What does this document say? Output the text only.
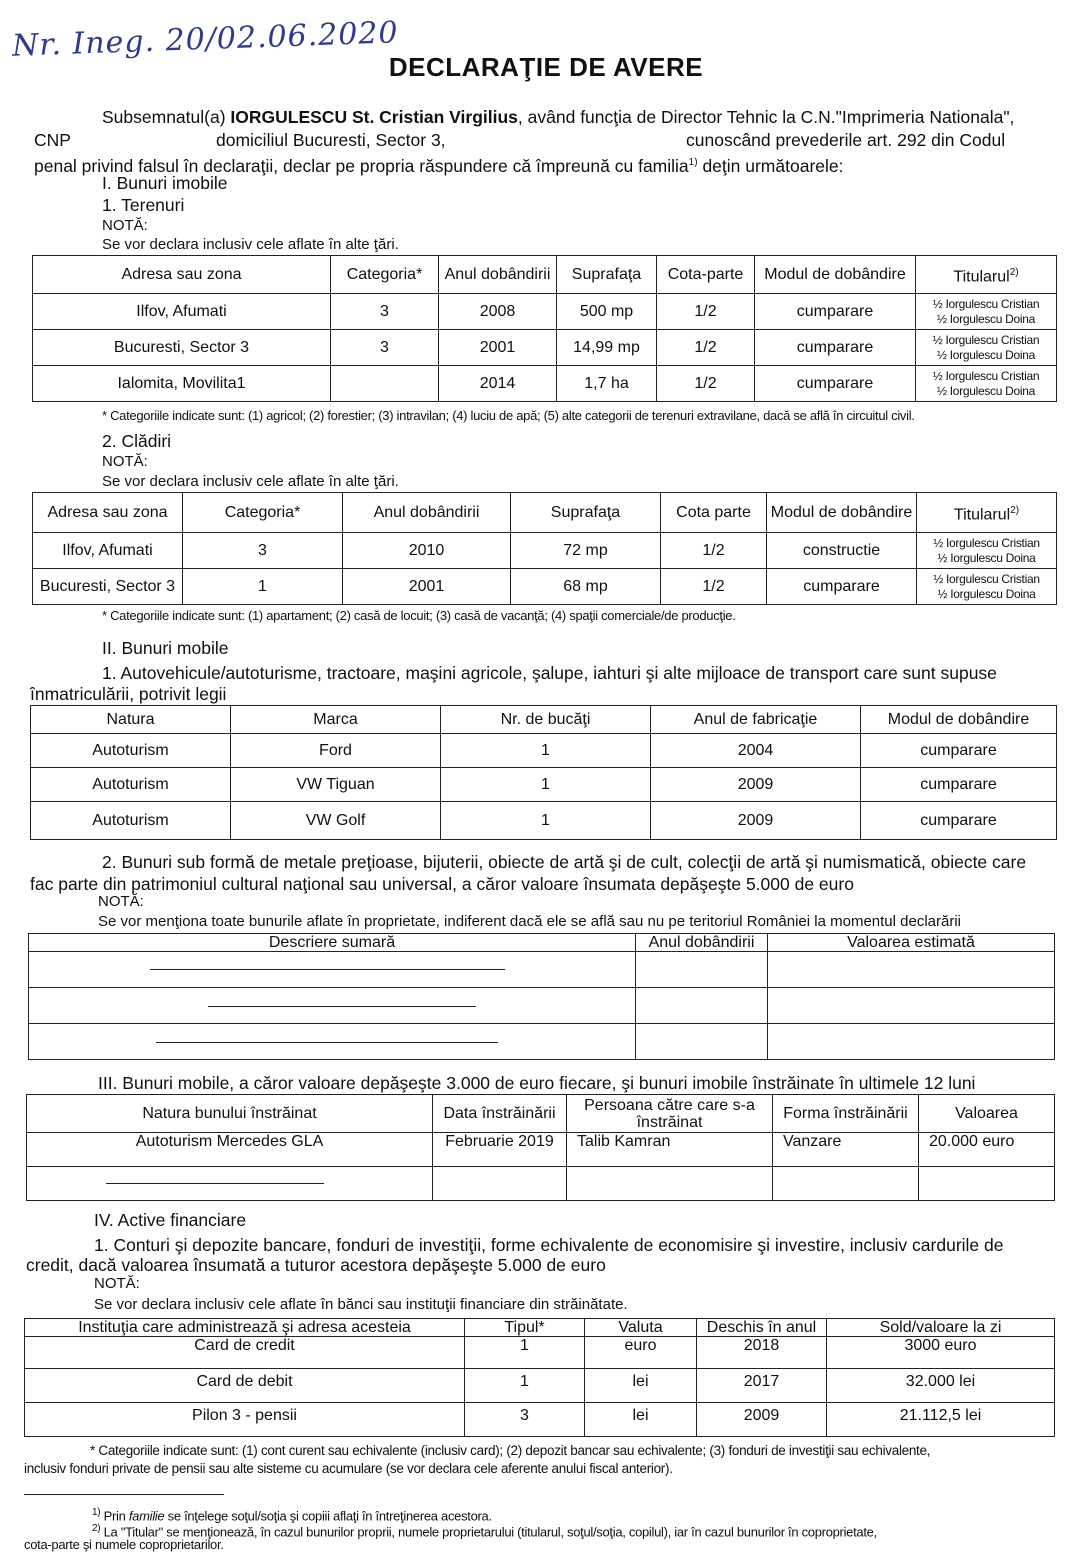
Nr. Ineg. 20/02.06.2020
DECLARAŢIE DE AVERE
Subsemnatul(a) IORGULESCU St. Cristian Virgilius, având funcţia de Director Tehnic la C.N."Imprimeria Nationala",
CNP	domiciliul Bucuresti, Sector 3,	cunoscând prevederile art. 292 din Codul
penal privind falsul în declaraţii, declar pe propria răspundere că împreună cu familia$^{1)}$ deţin următoarele:
I. Bunuri imobile
1. Terenuri
NOTĂ:
Se vor declara inclusiv cele aflate în alte ţări.
Adresa sau zona	Categoria*	Anul dobândirii	Suprafaţa	Cota-parte	Modul de dobândire	Titularul$^{2)}$
Ilfov, Afumati	3	2008	500 mp	1/2	cumparare	½ Iorgulescu Cristian
½ Iorgulescu Doina

Bucuresti, Sector 3	3	2001	14,99 mp	1/2	cumparare	½ Iorgulescu Cristian
½ Iorgulescu Doina

Ialomita, Movilita1		2014	1,7 ha	1/2	cumparare	½ Iorgulescu Cristian
½ Iorgulescu Doina
* Categoriile indicate sunt: (1) agricol; (2) forestier; (3) intravilan; (4) luciu de apă; (5) alte categorii de terenuri extravilane, dacă se află în circuitul civil.
2. Clădiri
NOTĂ:
Se vor declara inclusiv cele aflate în alte ţări.
Adresa sau zona	Categoria*	Anul dobândirii	Suprafaţa	Cota parte	Modul de dobândire	Titularul$^{2)}$
Ilfov, Afumati	3	2010	72 mp	1/2	constructie	½ Iorgulescu Cristian
½ Iorgulescu Doina

Bucuresti, Sector 3	1	2001	68 mp	1/2	cumparare	½ Iorgulescu Cristian
½ Iorgulescu Doina
* Categoriile indicate sunt: (1) apartament; (2) casă de locuit; (3) casă de vacanţă; (4) spaţii comerciale/de producţie.
II. Bunuri mobile
1. Autovehicule/autoturisme, tractoare, maşini agricole, şalupe, iahturi şi alte mijloace de transport care sunt supuse
înmatriculării, potrivit legii
Natura	Marca	Nr. de bucăţi	Anul de fabricaţie	Modul de dobândire
Autoturism	Ford	1	2004	cumparare
Autoturism	VW Tiguan	1	2009	cumparare
Autoturism	VW Golf	1	2009	cumparare
2. Bunuri sub formă de metale preţioase, bijuterii, obiecte de artă şi de cult, colecţii de artă şi numismatică, obiecte care
fac parte din patrimoniul cultural naţional sau universal, a căror valoare însumata depăşeşte 5.000 de euro
NOTĂ:
Se vor menţiona toate bunurile aflate în proprietate, indiferent dacă ele se află sau nu pe teritoriul României la momentul declarării
Descriere sumară	Anul dobândirii	Valoarea estimată

III. Bunuri mobile, a căror valoare depăşeşte 3.000 de euro fiecare, şi bunuri imobile înstrăinate în ultimele 12 luni
Natura bunului înstrăinat	Data înstrăinării	Persoana către care s-a înstrăinat	Forma înstrăinării	Valoarea
Autoturism Mercedes GLA	Februarie 2019	Talib Kamran	Vanzare	20.000 euro

IV. Active financiare
1. Conturi şi depozite bancare, fonduri de investiţii, forme echivalente de economisire şi investire, inclusiv cardurile de
credit, dacă valoarea însumată a tuturor acestora depăşeşte 5.000 de euro
NOTĂ:
Se vor declara inclusiv cele aflate în bănci sau instituţii financiare din străinătate.
Instituţia care administrează şi adresa acesteia	Tipul*	Valuta	Deschis în anul	Sold/valoare la zi
Card de credit	1	euro	2018	3000 euro
Card de debit	1	lei	2017	32.000 lei
Pilon 3 - pensii	3	lei	2009	21.112,5 lei
* Categoriile indicate sunt: (1) cont curent sau echivalente (inclusiv card); (2) depozit bancar sau echivalente; (3) fonduri de investiţii sau echivalente,
inclusiv fonduri private de pensii sau alte sisteme cu acumulare (se vor declara cele aferente anului fiscal anterior).
$^{1)}$ Prin familie se înţelege soţul/soţia şi copiii aflaţi în întreţinerea acestora.
$^{2)}$ La "Titular" se menţionează, în cazul bunurilor proprii, numele proprietarului (titularul, soţul/soţia, copilul), iar în cazul bunurilor în coproprietate,
cota-parte şi numele coproprietarilor.
